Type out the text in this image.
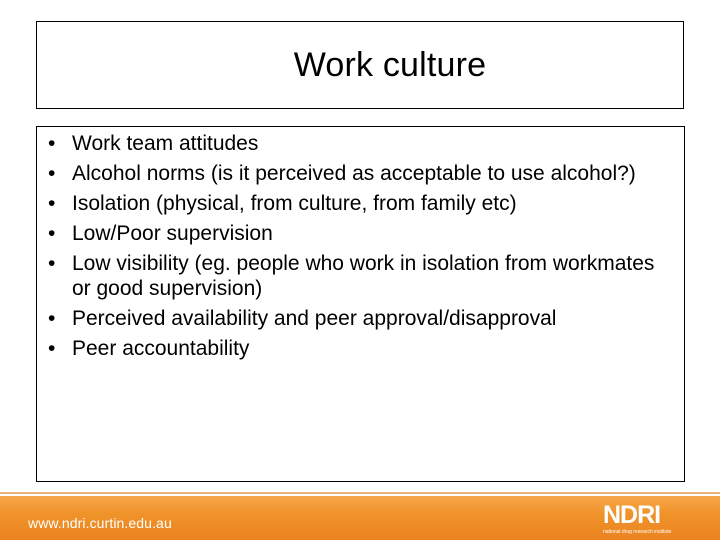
Work culture
• Work team attitudes
• Alcohol norms (is it perceived as acceptable to use alcohol?)
• Isolation (physical, from culture, from family etc)
• Low/Poor supervision
• Low visibility (eg. people who work in isolation from workmates or good supervision)
• Perceived availability and peer approval/disapproval
• Peer accountability
www.ndri.curtin.edu.au	NDRI
national drug research institute
